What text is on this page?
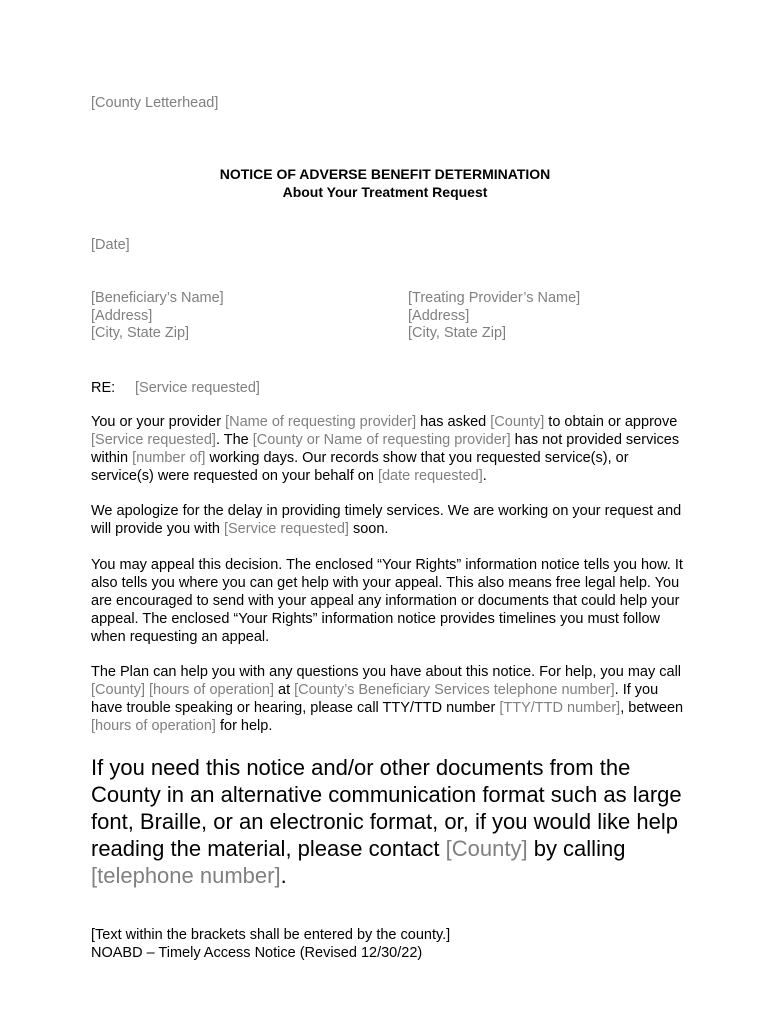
[County Letterhead]
NOTICE OF ADVERSE BENEFIT DETERMINATION
About Your Treatment Request
[Date]
[Beneficiary’s Name]
[Address]
[City, State Zip]
[Treating Provider’s Name]
[Address]
[City, State Zip]
RE: [Service requested]

You or your provider [Name of requesting provider] has asked [County] to obtain or approve [Service requested]. The [County or Name of requesting provider] has not provided services within [number of] working days. Our records show that you requested service(s), or service(s) were requested on your behalf on [date requested].

We apologize for the delay in providing timely services. We are working on your request and will provide you with [Service requested] soon.

You may appeal this decision. The enclosed “Your Rights” information notice tells you how. It also tells you where you can get help with your appeal. This also means free legal help. You are encouraged to send with your appeal any information or documents that could help your appeal. The enclosed “Your Rights” information notice provides timelines you must follow when requesting an appeal.

The Plan can help you with any questions you have about this notice. For help, you may call [County] [hours of operation] at [County’s Beneficiary Services telephone number]. If you have trouble speaking or hearing, please call TTY/TTD number [TTY/TTD number], between [hours of operation] for help.

If you need this notice and/or other documents from the County in an alternative communication format such as large font, Braille, or an electronic format, or, if you would like help reading the material, please contact [County] by calling [telephone number].

[Text within the brackets shall be entered by the county.]
NOABD – Timely Access Notice (Revised 12/30/22)
